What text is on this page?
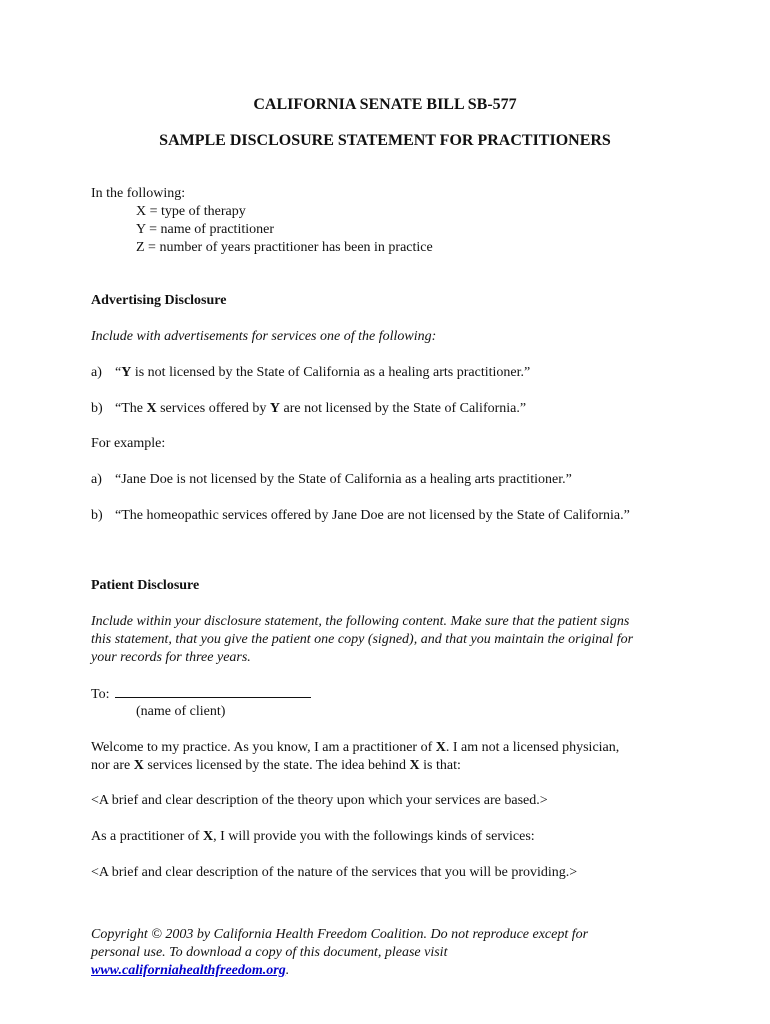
CALIFORNIA SENATE BILL SB-577
SAMPLE DISCLOSURE STATEMENT FOR PRACTITIONERS
In the following:
X = type of therapy
Y = name of practitioner
Z = number of years practitioner has been in practice
Advertising Disclosure
Include with advertisements for services one of the following:
a) “Y is not licensed by the State of California as a healing arts practitioner.”
b) “The X services offered by Y are not licensed by the State of California.”
For example:
a) “Jane Doe is not licensed by the State of California as a healing arts practitioner.”
b) “The homeopathic services offered by Jane Doe are not licensed by the State of California.”
Patient Disclosure
Include within your disclosure statement, the following content. Make sure that the patient signs
this statement, that you give the patient one copy (signed), and that you maintain the original for
your records for three years.
To:
(name of client)
Welcome to my practice. As you know, I am a practitioner of X. I am not a licensed physician,
nor are X services licensed by the state. The idea behind X is that:
<A brief and clear description of the theory upon which your services are based.>
As a practitioner of X, I will provide you with the followings kinds of services:
<A brief and clear description of the nature of the services that you will be providing.>
Copyright © 2003 by California Health Freedom Coalition. Do not reproduce except for
personal use. To download a copy of this document, please visit
www.californiahealthfreedom.org.
